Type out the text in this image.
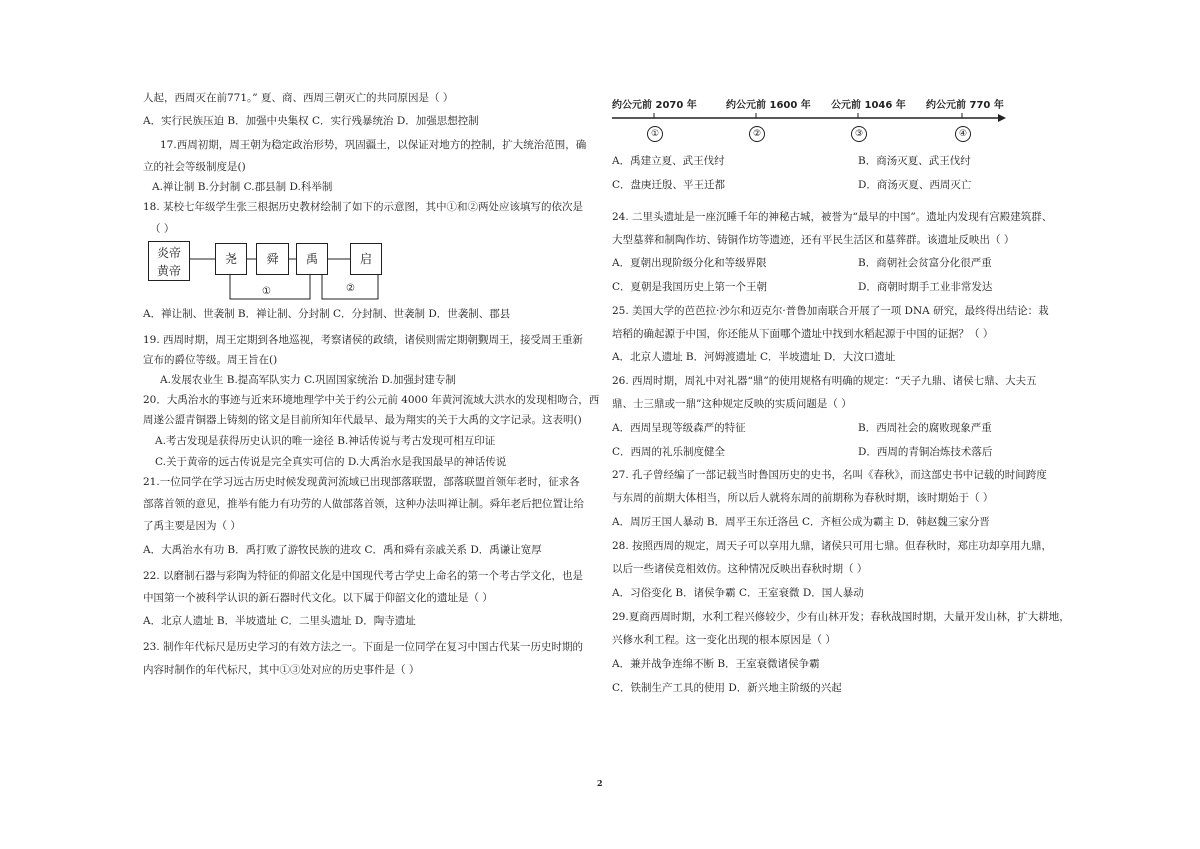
人起，西周灭在前771。” 夏、商、西周三朝灭亡的共同原因是（ ）
A．实行民族压迫 B．加强中央集权 C．实行残暴统治 D．加强思想控制
17.西周初期，周王朝为稳定政治形势，巩固疆土，以保证对地方的控制，扩大统治范围，确
立的社会等级制度是()
A.禅让制 B.分封制 C.郡县制 D.科举制
18. 某校七年级学生张三根据历史教材绘制了如下的示意图，其中①和②两处应该填写的依次是
（ ）
炎帝
黄帝
尧	舜	禹	启
①	②
A．禅让制、世袭制 B．禅让制、分封制 C．分封制、世袭制 D．世袭制、郡县
19. 西周时期，周王定期到各地巡视，考察诸侯的政绩，诸侯则需定期朝觐周王，接受周王重新
宣布的爵位等级。周王旨在()
A.发展农业生 B.提高军队实力 C.巩固国家统治 D.加强封建专制
20．大禹治水的事迹与近来环境地理学中关于约公元前 4000 年黄河流域大洪水的发现相吻合，西
周遂公盨青铜器上铸刻的铭文是目前所知年代最早、最为翔实的关于大禹的文字记录。这表明()
A.考古发现是获得历史认识的唯一途径 B.神话传说与考古发现可相互印证
C.关于黄帝的远古传说是完全真实可信的 D.大禹治水是我国最早的神话传说
21.一位同学在学习远古历史时候发现黄河流域已出现部落联盟，部落联盟首领年老时，征求各
部落首领的意见，推举有能力有功劳的人做部落首领，这种办法叫禅让制。舜年老后把位置让给
了禹主要是因为（ ）
A．大禹治水有功 B．禹打败了游牧民族的进攻 C．禹和舜有亲戚关系 D．禹谦让宽厚
22. 以磨制石器与彩陶为特征的仰韶文化是中国现代考古学史上命名的第一个考古学文化，也是
中国第一个被科学认识的新石器时代文化。以下属于仰韶文化的遗址是（ ）
A．北京人遗址 B．半坡遗址 C．二里头遗址 D．陶寺遗址
23. 制作年代标尺是历史学习的有效方法之一。下面是一位同学在复习中国古代某一历史时期的
内容时制作的年代标尺，其中①③处对应的历史事件是（ ）
约公元前 2070 年	约公元前 1600 年 公元前 1046 年 约公元前 770 年
①	②	③	④
A．禹建立夏、武王伐纣	B．商汤灭夏、武王伐纣
C．盘庚迁殷、平王迁都	D．商汤灭夏、西周灭亡
24. 二里头遗址是一座沉睡千年的神秘古城，被誉为“最早的中国”。遗址内发现有宫殿建筑群、
大型墓葬和制陶作坊、铸铜作坊等遗迹，还有平民生活区和墓葬群。该遗址反映出（ ）
A．夏朝出现阶级分化和等级界限	B．商朝社会贫富分化很严重
C．夏朝是我国历史上第一个王朝	D．商朝时期手工业非常发达
25. 美国大学的芭芭拉·沙尔和迈克尔·普鲁加南联合开展了一项 DNA 研究，最终得出结论：栽
培稻的确起源于中国，你还能从下面哪个遗址中找到水稻起源于中国的证据？（ ）
A．北京人遗址 B．河姆渡遗址 C．半坡遗址 D．大汶口遗址
26. 西周时期，周礼中对礼器“鼎”的使用规格有明确的规定：“天子九鼎、诸侯七鼎、大夫五
鼎、士三鼎或一鼎”这种规定反映的实质问题是（ ）
A．西周呈现等级森严的特征	B．西周社会的腐败现象严重
C．西周的礼乐制度健全	D．西周的青铜冶炼技术落后
27. 孔子曾经编了一部记载当时鲁国历史的史书，名叫《春秋》，而这部史书中记载的时间跨度
与东周的前期大体相当，所以后人就将东周的前期称为春秋时期，该时期始于（ ）
A．周厉王国人暴动 B．周平王东迁洛邑 C．齐桓公成为霸主 D．韩赵魏三家分晋
28. 按照西周的规定，周天子可以享用九鼎，诸侯只可用七鼎。但春秋时，郑庄功却享用九鼎，
以后一些诸侯竞相效仿。这种情况反映出春秋时期（ ）
A．习俗变化 B．诸侯争霸 C．王室衰微 D．国人暴动
29.夏商西周时期，水利工程兴修较少，少有山林开发；春秋战国时期，大量开发山林，扩大耕地，
兴修水利工程。这一变化出现的根本原因是（ ）
A．兼并战争连绵不断 B．王室衰微诸侯争霸
C．铁制生产工具的使用 D．新兴地主阶级的兴起
2
